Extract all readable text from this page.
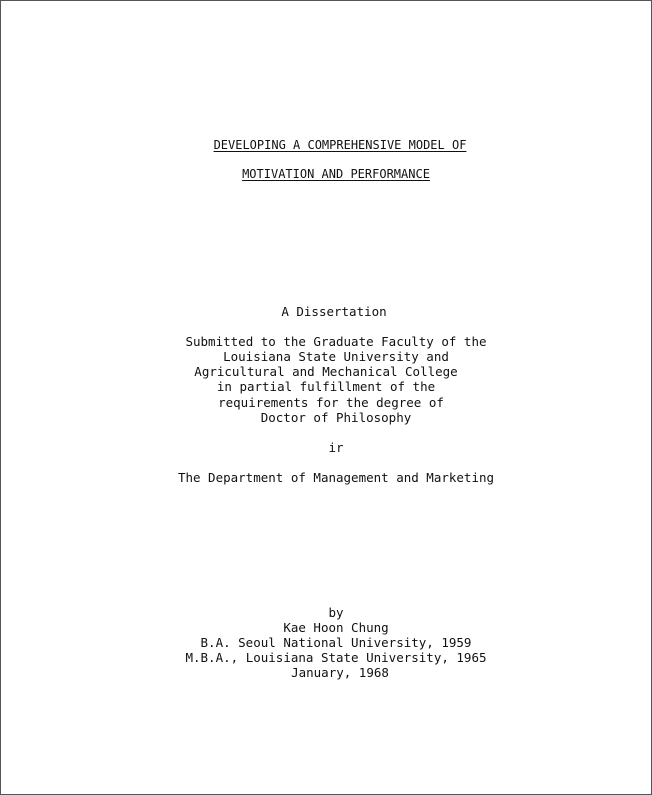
DEVELOPING A COMPREHENSIVE MODEL OF
MOTIVATION AND PERFORMANCE
A Dissertation
Submitted to the Graduate Faculty of the
Louisiana State University and
Agricultural and Mechanical College
in partial fulfillment of the
requirements for the degree of
Doctor of Philosophy
ir
The Department of Management and Marketing
by
Kae Hoon Chung
B.A. Seoul National University, 1959
M.B.A., Louisiana State University, 1965
January, 1968
